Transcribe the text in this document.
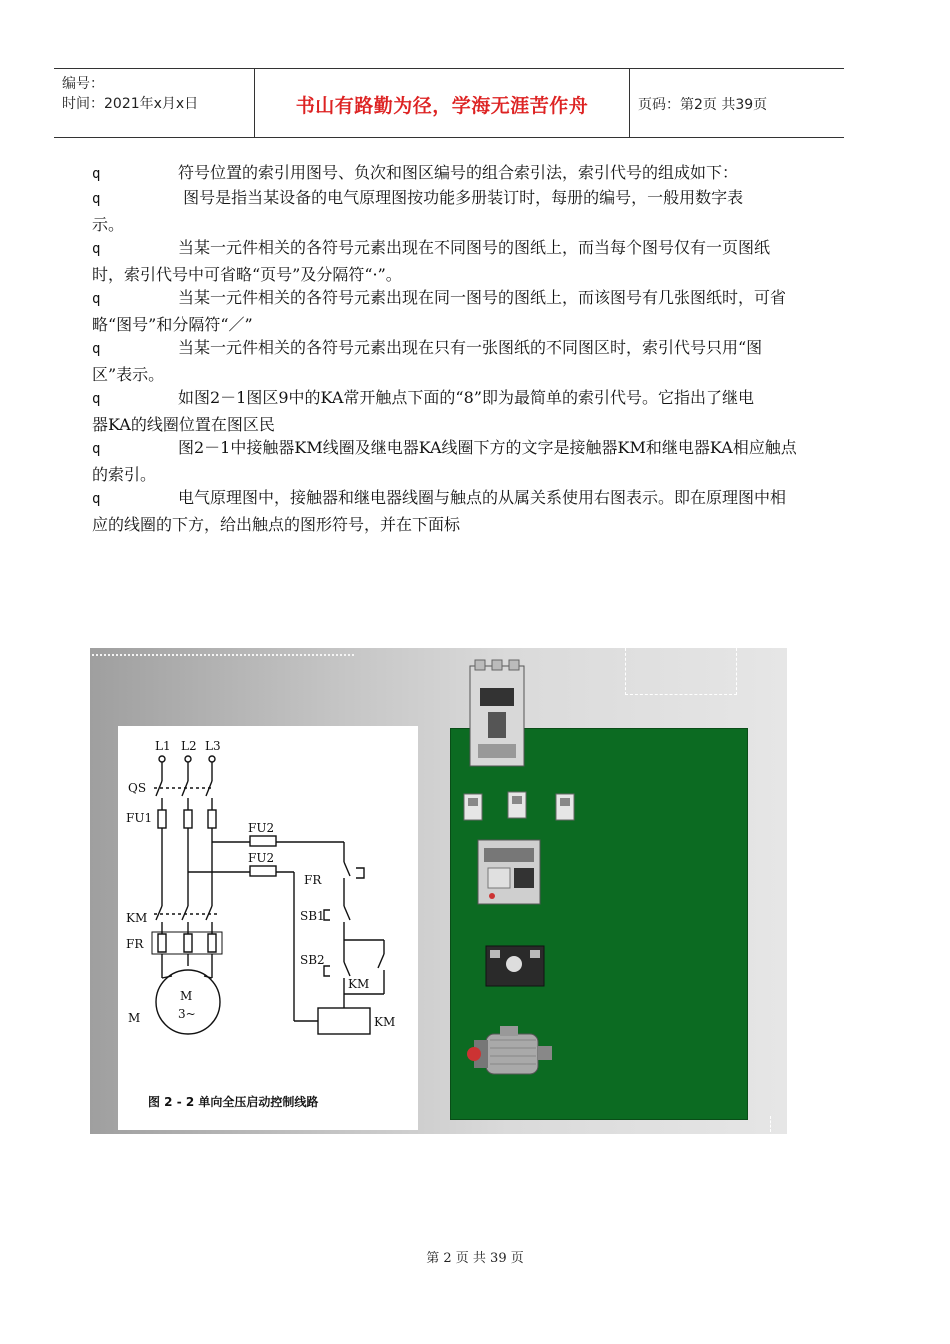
编号：
时间：2021年x月x日	书山有路勤为径，学海无涯苦作舟	页码：第2页 共39页
q	符号位置的索引用图号、负次和图区编号的组合索引法，索引代号的组成如下：
q	图号是指当某设备的电气原理图按功能多册装订时，每册的编号，一般用数字表
示。
q	当某一元件相关的各符号元素出现在不同图号的图纸上，而当每个图号仅有一页图纸
时，索引代号中可省略“页号”及分隔符“·”。
q	当某一元件相关的各符号元素出现在同一图号的图纸上，而该图号有几张图纸时，可省
略“图号”和分隔符“／”
q	当某一元件相关的各符号元素出现在只有一张图纸的不同图区时，索引代号只用“图
区”表示。
q	如图2－1图区9中的KA常开触点下面的“8”即为最简单的索引代号。它指出了继电
器KA的线圈位置在图区民
q	图2－1中接触器KM线圈及继电器KA线圈下方的文字是接触器KM和继电器KA相应触点
的索引。
q	电气原理图中，接触器和继电器线圈与触点的从属关系使用右图表示。即在原理图中相
应的线圈的下方，给出触点的图形符号，并在下面标
L1 L2 L3
QS
FU1
FU2
FU2
FR
SB1
SB2
KM
KM
FR
M
M
3~
KM
图 2 - 2 单向全压启动控制线路
第 2 页 共 39 页
